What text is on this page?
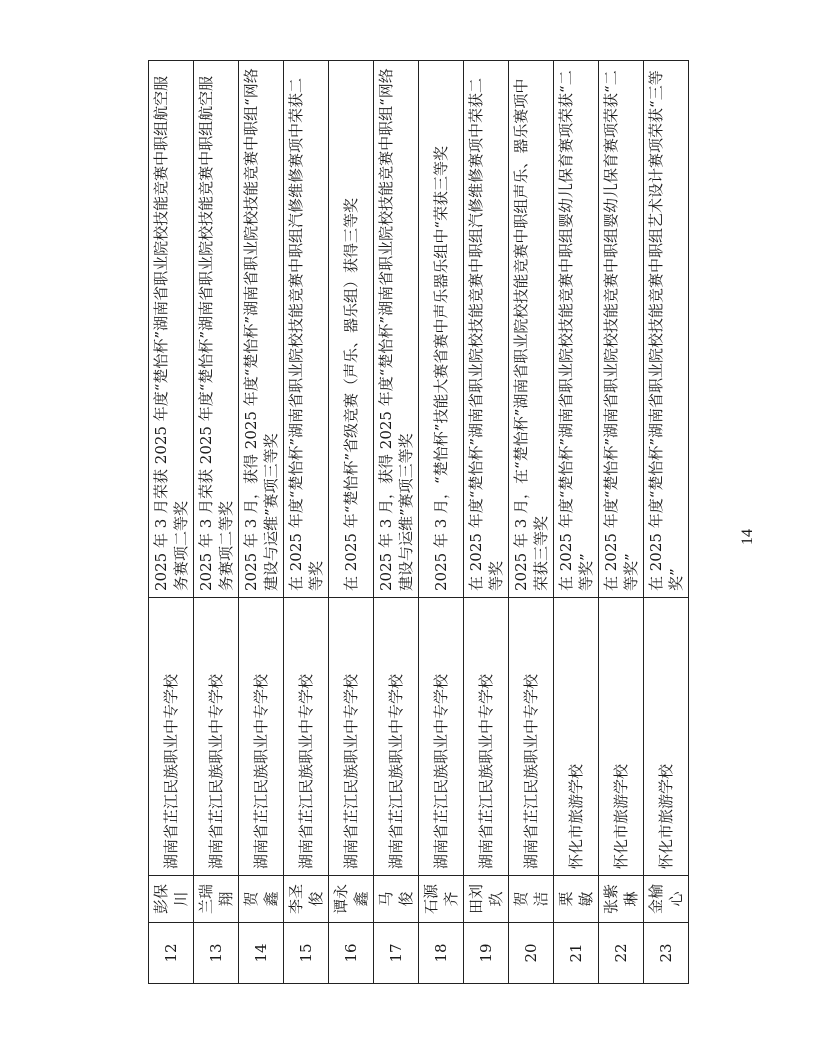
12	彭保川	湖南省芷江民族职业中专学校	2025 年 3 月荣获 2025 年度“楚怡杯”湖南省职业院校技能竞赛中职组航空服务赛项二等奖
13	兰瑞翔	湖南省芷江民族职业中专学校	2025 年 3 月荣获 2025 年度“楚怡杯”湖南省职业院校技能竞赛中职组航空服务赛项二等奖
14	贺　鑫	湖南省芷江民族职业中专学校	2025 年 3 月，获得 2025 年度“楚怡杯”湖南省职业院校技能竞赛中职组“网络建设与运维”赛项三等奖
15	李圣俊	湖南省芷江民族职业中专学校	在 2025 年度“楚怡杯”湖南省职业院校技能竞赛中职组汽修维修赛项中荣获二等奖
16	谭永鑫	湖南省芷江民族职业中专学校	在 2025 年“楚怡杯”省级竞赛（声乐、器乐组）获得三等奖
17	马　俊	湖南省芷江民族职业中专学校	2025 年 3 月，获得 2025 年度“楚怡杯”湖南省职业院校技能竞赛中职组“网络建设与运维”赛项三等奖
18	石源齐	湖南省芷江民族职业中专学校	2025 年 3 月，“楚怡杯”技能大赛省赛中声乐器乐组中“荣获三等奖
19	田刘玖	湖南省芷江民族职业中专学校	在 2025 年度“楚怡杯”湖南省职业院校技能竞赛中职组汽修维修赛项中荣获二等奖
20	贺　洁	湖南省芷江民族职业中专学校	2025 年 3 月，在“楚怡杯”湖南省职业院校技能竞赛中职组声乐、器乐赛项中荣获三等奖
21	栗　敏	怀化市旅游学校	在 2025 年度“楚怡杯”湖南省职业院校技能竞赛中职组婴幼儿保育赛项荣获“二等奖”
22	张紫琳	怀化市旅游学校	在 2025 年度“楚怡杯”湖南省职业院校技能竞赛中职组婴幼儿保育赛项荣获“二等奖”
23	金榆心	怀化市旅游学校	在 2025 年度“楚怡杯”湖南省职业院校技能竞赛中职组艺术设计赛项荣获“三等奖”
14
